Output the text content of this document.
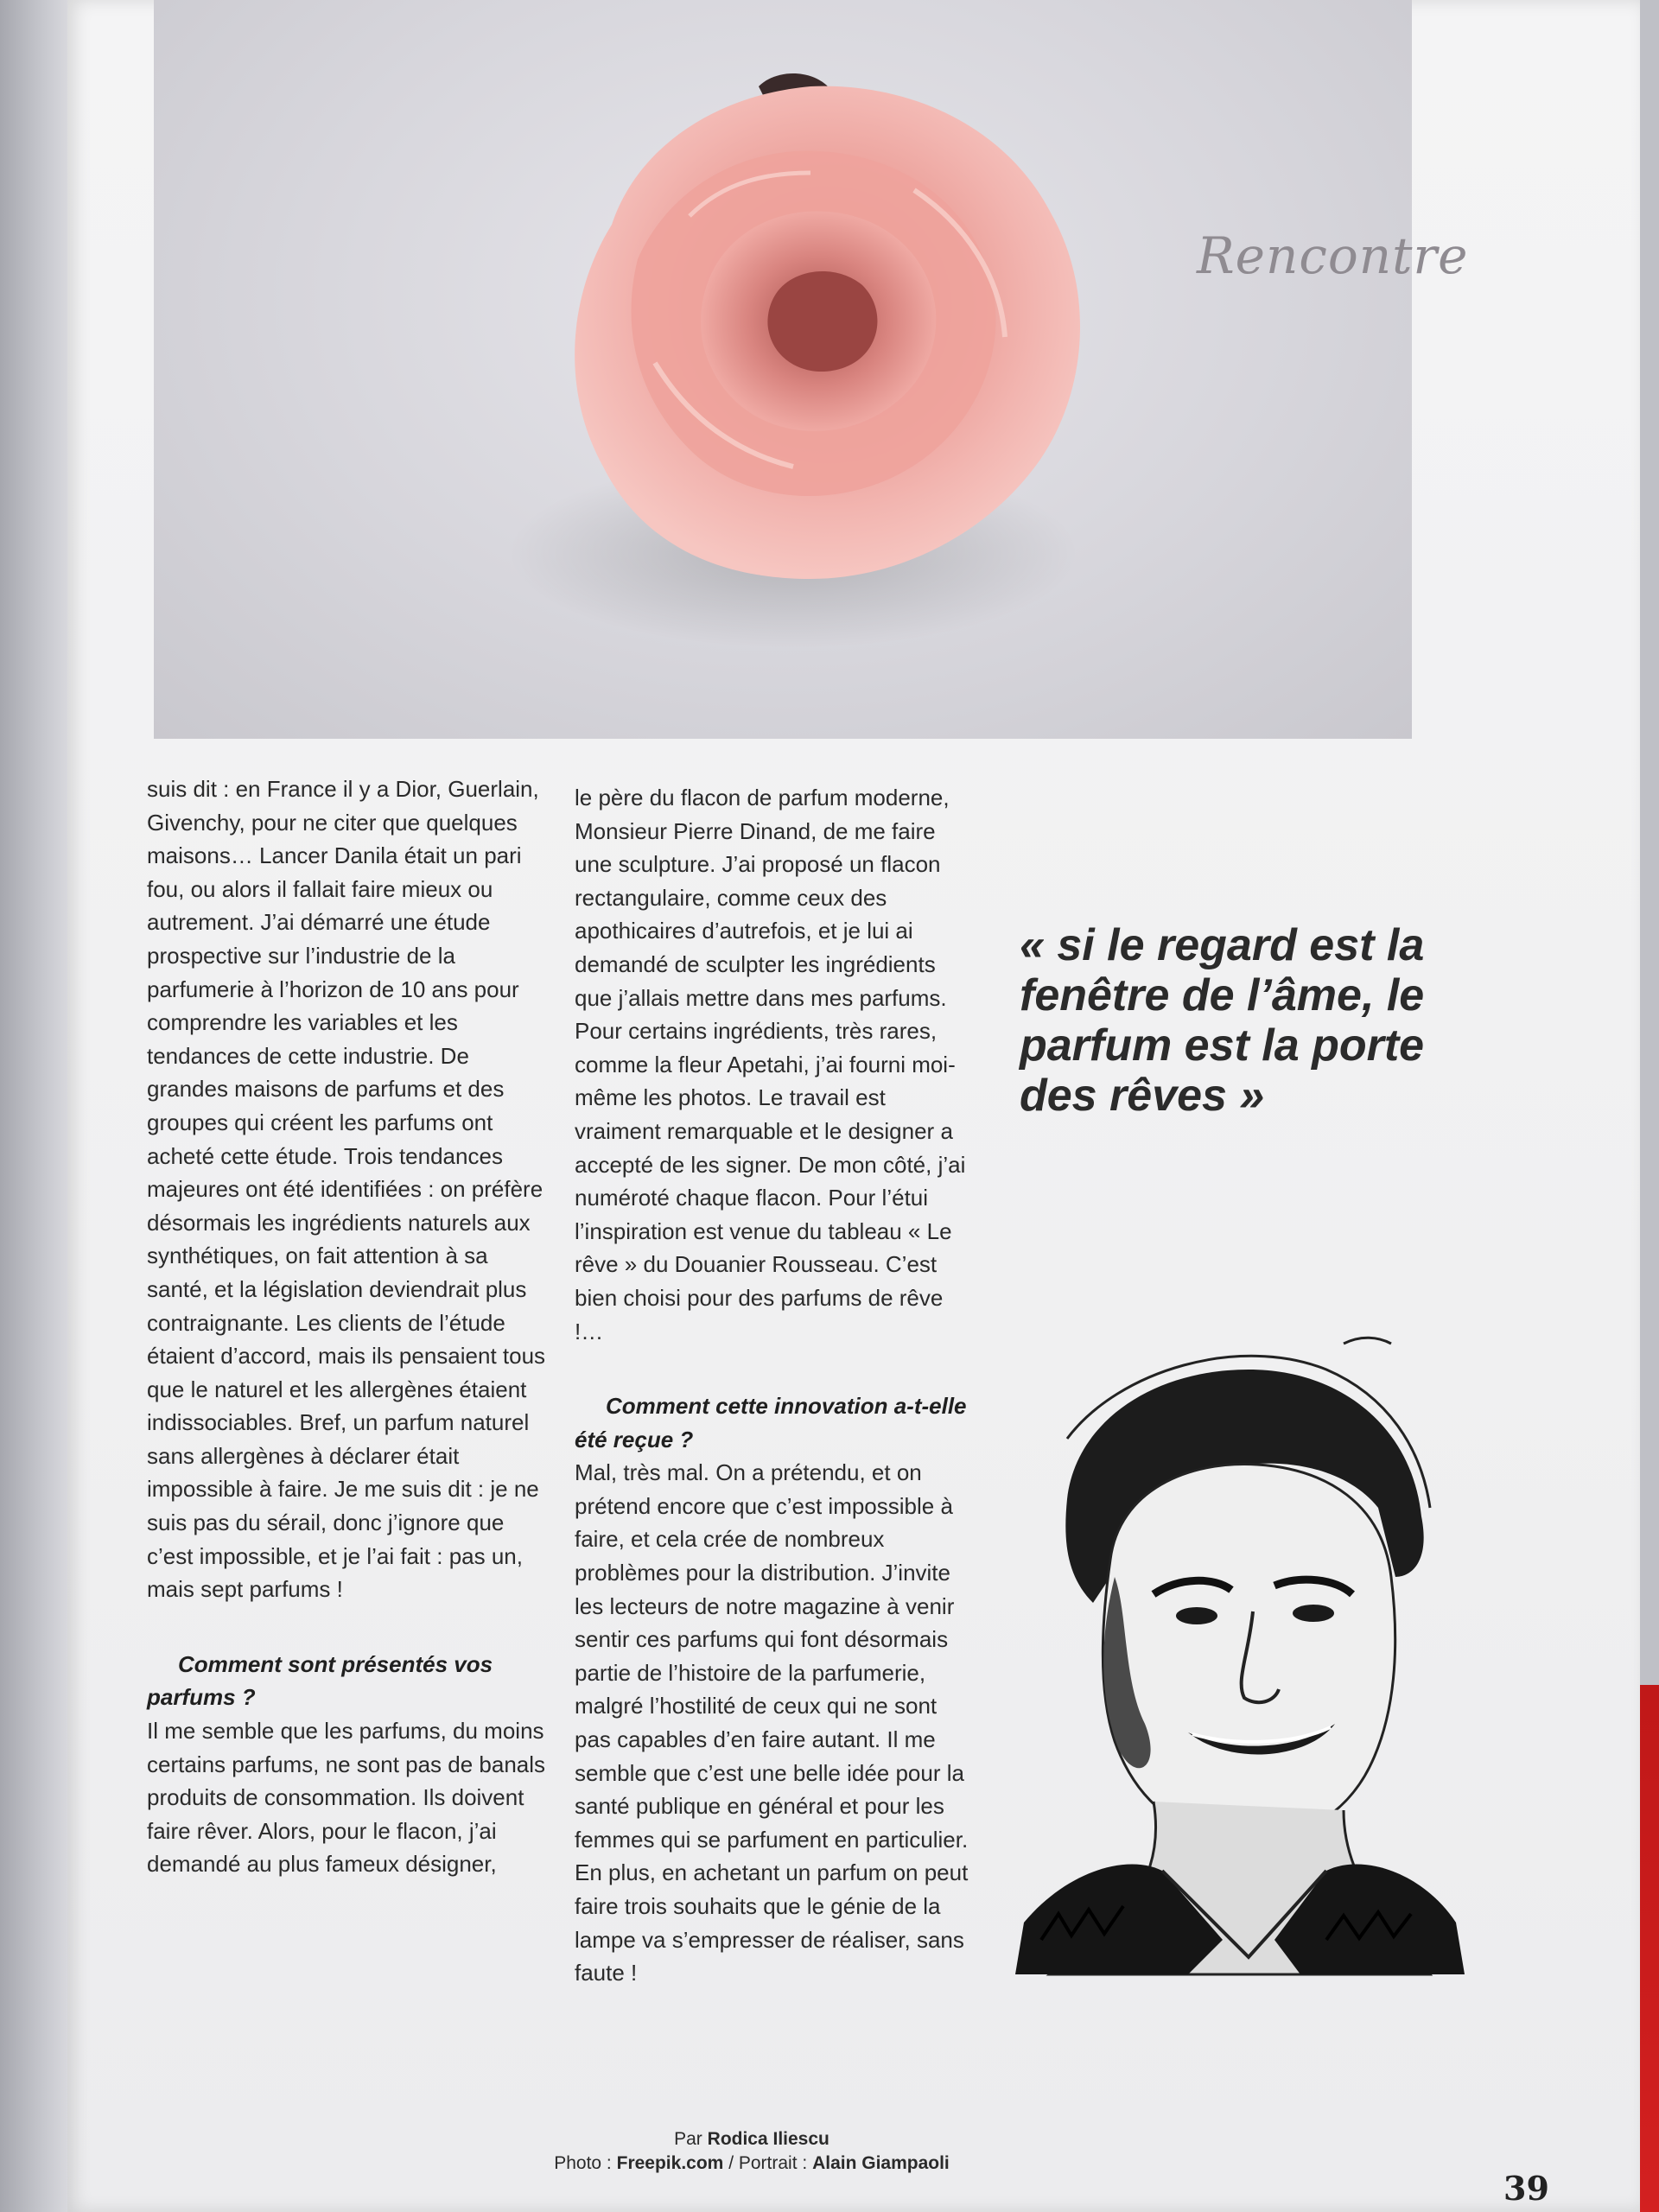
Rencontre

suis dit : en France il y a Dior, Guerlain, Givenchy, pour ne citer que quelques maisons… Lancer Danila était un pari fou, ou alors il fallait faire mieux ou autrement. J’ai démarré une étude prospective sur l’industrie de la parfumerie à l’horizon de 10 ans pour comprendre les variables et les tendances de cette industrie. De grandes maisons de parfums et des groupes qui créent les parfums ont acheté cette étude. Trois tendances majeures ont été identifiées : on préfère désormais les ingrédients naturels aux synthétiques, on fait attention à sa santé, et la législation deviendrait plus contraignante. Les clients de l’étude étaient d’accord, mais ils pensaient tous que le naturel et les allergènes étaient indissociables. Bref, un parfum naturel sans allergènes à déclarer était impossible à faire. Je me suis dit : je ne suis pas du sérail, donc j’ignore que c’est impossible, et je l’ai fait : pas un, mais sept parfums !

Comment sont présentés vos parfums ?

Il me semble que les parfums, du moins certains parfums, ne sont pas de banals produits de consommation. Ils doivent faire rêver. Alors, pour le flacon, j’ai demandé au plus fameux désigner,

le père du flacon de parfum moderne, Monsieur Pierre Dinand, de me faire une sculpture. J’ai proposé un flacon rectangulaire, comme ceux des apothicaires d’autrefois, et je lui ai demandé de sculpter les ingrédients que j’allais mettre dans mes parfums. Pour certains ingrédients, très rares, comme la fleur Apetahi, j’ai fourni moi-même les photos. Le travail est vraiment remarquable et le designer a accepté de les signer. De mon côté, j’ai numéroté chaque flacon. Pour l’étui l’inspiration est venue du tableau « Le rêve » du Douanier Rousseau. C’est bien choisi pour des parfums de rêve !…

Comment cette innovation a-t-elle été reçue ?

Mal, très mal. On a prétendu, et on prétend encore que c’est impossible à faire, et cela crée de nombreux problèmes pour la distribution. J’invite les lecteurs de notre magazine à venir sentir ces parfums qui font désormais partie de l’histoire de la parfumerie, malgré l’hostilité de ceux qui ne sont pas capables d’en faire autant. Il me semble que c’est une belle idée pour la santé publique en général et pour les femmes qui se parfument en particulier. En plus, en achetant un parfum on peut faire trois souhaits que le génie de la lampe va s’empresser de réaliser, sans faute !

« si le regard est la fenêtre de l’âme, le parfum est la porte des rêves »
Par Rodica Iliescu
Photo : Freepik.com / Portrait : Alain Giampaoli
39
